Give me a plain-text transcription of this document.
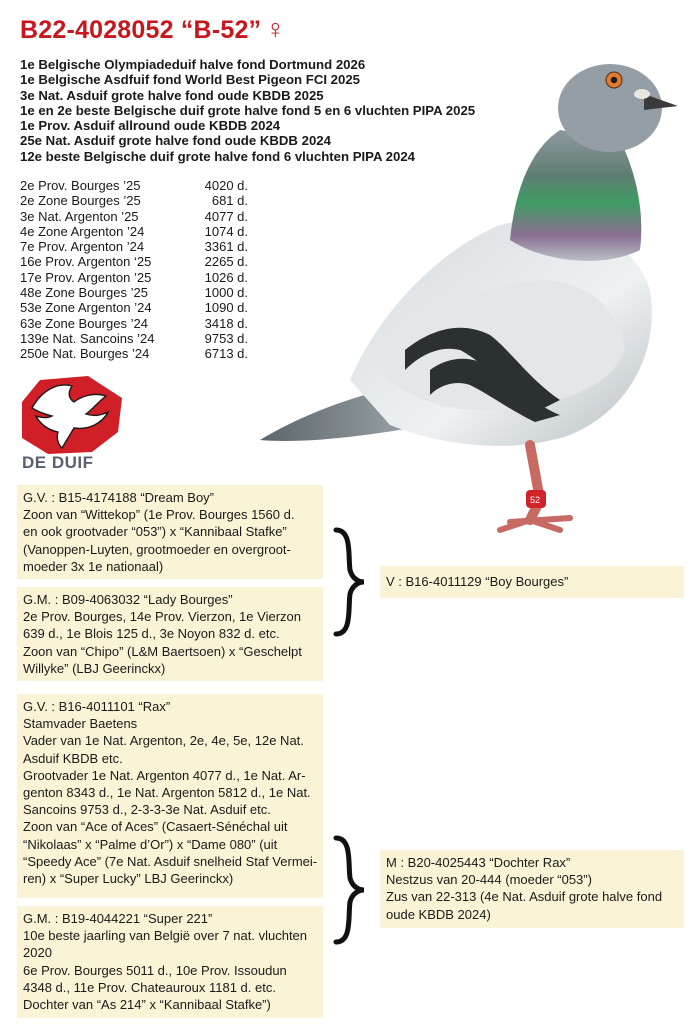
B22-4028052 “B-52” ♀
1e Belgische Olympiadeduif halve fond Dortmund 2026
1e Belgische Asdfuif fond World Best Pigeon FCI 2025
3e Nat. Asduif grote halve fond oude KBDB 2025
1e en 2e beste Belgische duif grote halve fond 5 en 6 vluchten PIPA 2025
1e Prov. Asduif allround oude KBDB 2024
25e Nat. Asduif grote halve fond oude KBDB 2024
12e beste Belgische duif grote halve fond 6 vluchten PIPA 2024
2e Prov. Bourges ’25	4020 d.
2e Zone Bourges ’25	681 d.
3e Nat. Argenton ’25	4077 d.
4e Zone Argenton ’24	1074 d.
7e Prov. Argenton ’24	3361 d.
16e Prov. Argenton ‘25	2265 d.
17e Prov. Argenton ’25	1026 d.
48e Zone Bourges ’25	1000 d.
53e Zone Argenton ’24	1090 d.
63e Zone Bourges ’24	3418 d.
139e Nat. Sancoins ’24	9753 d.
250e Nat. Bourges ’24	6713 d.
DE DUIF
52
G.V. : B15-4174188 “Dream Boy”
Zoon van “Wittekop” (1e Prov. Bourges 1560 d.
en ook grootvader “053”) x “Kannibaal Stafke”
(Vanoppen-Luyten, grootmoeder en overgroot-
moeder 3x 1e nationaal)
G.M. : B09-4063032 “Lady Bourges”
2e Prov. Bourges, 14e Prov. Vierzon, 1e Vierzon
639 d., 1e Blois 125 d., 3e Noyon 832 d. etc.
Zoon van “Chipo” (L&M Baertsoen) x “Geschelpt
Willyke” (LBJ Geerinckx)
V : B16-4011129 “Boy Bourges”
G.V. : B16-4011101 “Rax”
Stamvader Baetens
Vader van 1e Nat. Argenton, 2e, 4e, 5e, 12e Nat.
Asduif KBDB etc.
Grootvader 1e Nat. Argenton 4077 d., 1e Nat. Ar-
genton 8343 d., 1e Nat. Argenton 5812 d., 1e Nat.
Sancoins 9753 d., 2-3-3-3e Nat. Asduif etc.
Zoon van “Ace of Aces” (Casaert-Sénéchal uit
“Nikolaas” x “Palme d’Or”) x “Dame 080” (uit
“Speedy Ace” (7e Nat. Asduif snelheid Staf Vermei-
ren) x “Super Lucky” LBJ Geerinckx)
G.M. : B19-4044221 “Super 221”
10e beste jaarling van België over 7 nat. vluchten
2020
6e Prov. Bourges 5011 d., 10e Prov. Issoudun
4348 d., 11e Prov. Chateauroux 1181 d. etc.
Dochter van “As 214” x “Kannibaal Stafke”)
M : B20-4025443 “Dochter Rax”
Nestzus van 20-444 (moeder “053”)
Zus van 22-313 (4e Nat. Asduif grote halve fond
oude KBDB 2024)
